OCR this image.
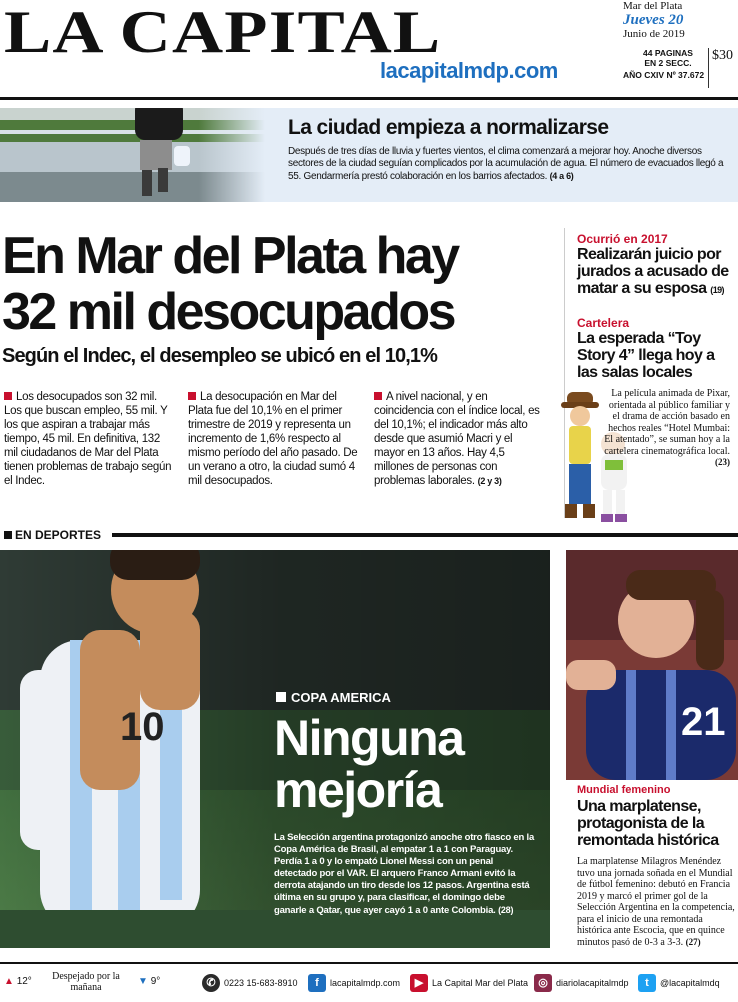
LA CAPITAL
lacapitalmdp.com
Mar del Plata
Jueves 20
Junio de 2019
44 PAGINAS
EN 2 SECC.
AÑO CXIV Nº 37.672
$30
La ciudad empieza a normalizarse
Después de tres días de lluvia y fuertes vientos, el clima comenzará a mejorar hoy. Anoche diversos sectores de la ciudad seguían complicados por la acumulación de agua. El número de evacuados llegó a 55. Gendarmería prestó colaboración en los barrios afectados. (4 a 6)
En Mar del Plata hay
32 mil desocupados
Según el Indec, el desempleo se ubicó en el 10,1%
Los desocupados son 32 mil. Los que buscan empleo, 55 mil. Y los que aspiran a trabajar más tiempo, 45 mil. En definitiva, 132 mil ciudadanos de Mar del Plata tienen problemas de trabajo según el Indec.
La desocupación en Mar del Plata fue del 10,1% en el primer trimestre de 2019 y representa un incremento de 1,6% respecto al mismo período del año pasado. De un verano a otro, la ciudad sumó 4 mil desocupados.
A nivel nacional, y en coincidencia con el índice local, es del 10,1%; el indicador más alto desde que asumió Macri y el mayor en 13 años. Hay 4,5 millones de personas con problemas laborales. (2 y 3)
Ocurrió en 2017
Realizarán juicio por jurados a acusado de matar a su esposa (19)
Cartelera
La esperada “Toy Story 4” llega hoy a las salas locales
La película animada de Pixar, orientada al público familiar y el drama de acción basado en hechos reales “Hotel Mumbai: El atentado”, se suman hoy a la cartelera cinematográfica local. (23)
EN DEPORTES
10
COPA AMERICA
Ninguna
mejoría
La Selección argentina protagonizó anoche otro fiasco en la Copa América de Brasil, al empatar 1 a 1 con Paraguay. Perdía 1 a 0 y lo empató Lionel Messi con un penal detectado por el VAR. El arquero Franco Armani evitó la derrota atajando un tiro desde los 12 pasos. Argentina está última en su grupo y, para clasificar, el domingo debe ganarle a Qatar, que ayer cayó 1 a 0 ante Colombia. (28)
21
Mundial femenino
Una marplatense, protagonista de la remontada histórica
La marplatense Milagros Menéndez tuvo una jornada soñada en el Mundial de fútbol femenino: debutó en Francia 2019 y marcó el primer gol de la Selección Argentina en la competencia, para el inicio de una remontada histórica ante Escocia, que en quince minutos pasó de 0-3 a 3-3. (27)
▲ 12° Despejado por la mañana
▼ 9°	✆ 0223 15-683-8910	f	lacapitalmdp.com	▶ La Capital Mar del Plata ◎ diariolacapitalmdp	t	@lacapitalmdq
